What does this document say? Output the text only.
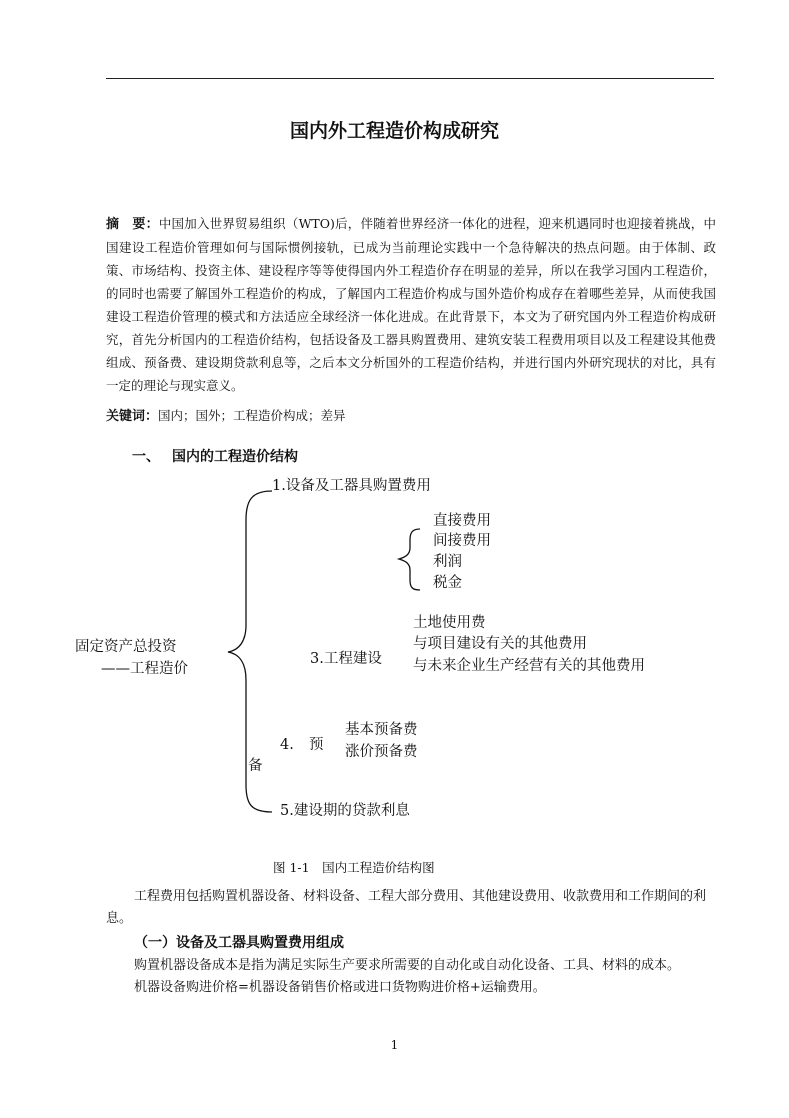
国内外工程造价构成研究
摘　要：中国加入世界贸易组织（WTO)后，伴随着世界经济一体化的进程，迎来机遇同时也迎接着挑战，中国建设工程造价管理如何与国际惯例接轨，已成为当前理论实践中一个急待解决的热点问题。由于体制、政策、市场结构、投资主体、建设程序等等使得国内外工程造价存在明显的差异，所以在我学习国内工程造价，的同时也需要了解国外工程造价的构成，了解国内工程造价构成与国外造价构成存在着哪些差异，从而使我国建设工程造价管理的模式和方法适应全球经济一体化进成。在此背景下，本文为了研究国内外工程造价构成研究，首先分析国内的工程造价结构，包括设备及工器具购置费用、建筑安装工程费用项目以及工程建设其他费组成、预备费、建设期贷款利息等，之后本文分析国外的工程造价结构，并进行国内外研究现状的对比，具有一定的理论与现实意义。
关键词：国内；国外；工程造价构成；差异
一、 国内的工程造价结构
1.设备及工器具购置费用
直接费用
间接费用
利润
税金
土地使用费
与项目建设有关的其他费用
与未来企业生产经营有关的其他费用
固定资产总投资
——工程造价
3.工程建设
基本预备费
涨价预备费
4. 预
备
5.建设期的贷款利息
图 1-1　国内工程造价结构图
工程费用包括购置机器设备、材料设备、工程大部分费用、其他建设费用、收款费用和工作期间的利息。
（一）设备及工器具购置费用组成
购置机器设备成本是指为满足实际生产要求所需要的自动化或自动化设备、工具、材料的成本。
机器设备购进价格=机器设备销售价格或进口货物购进价格+运输费用。
1
